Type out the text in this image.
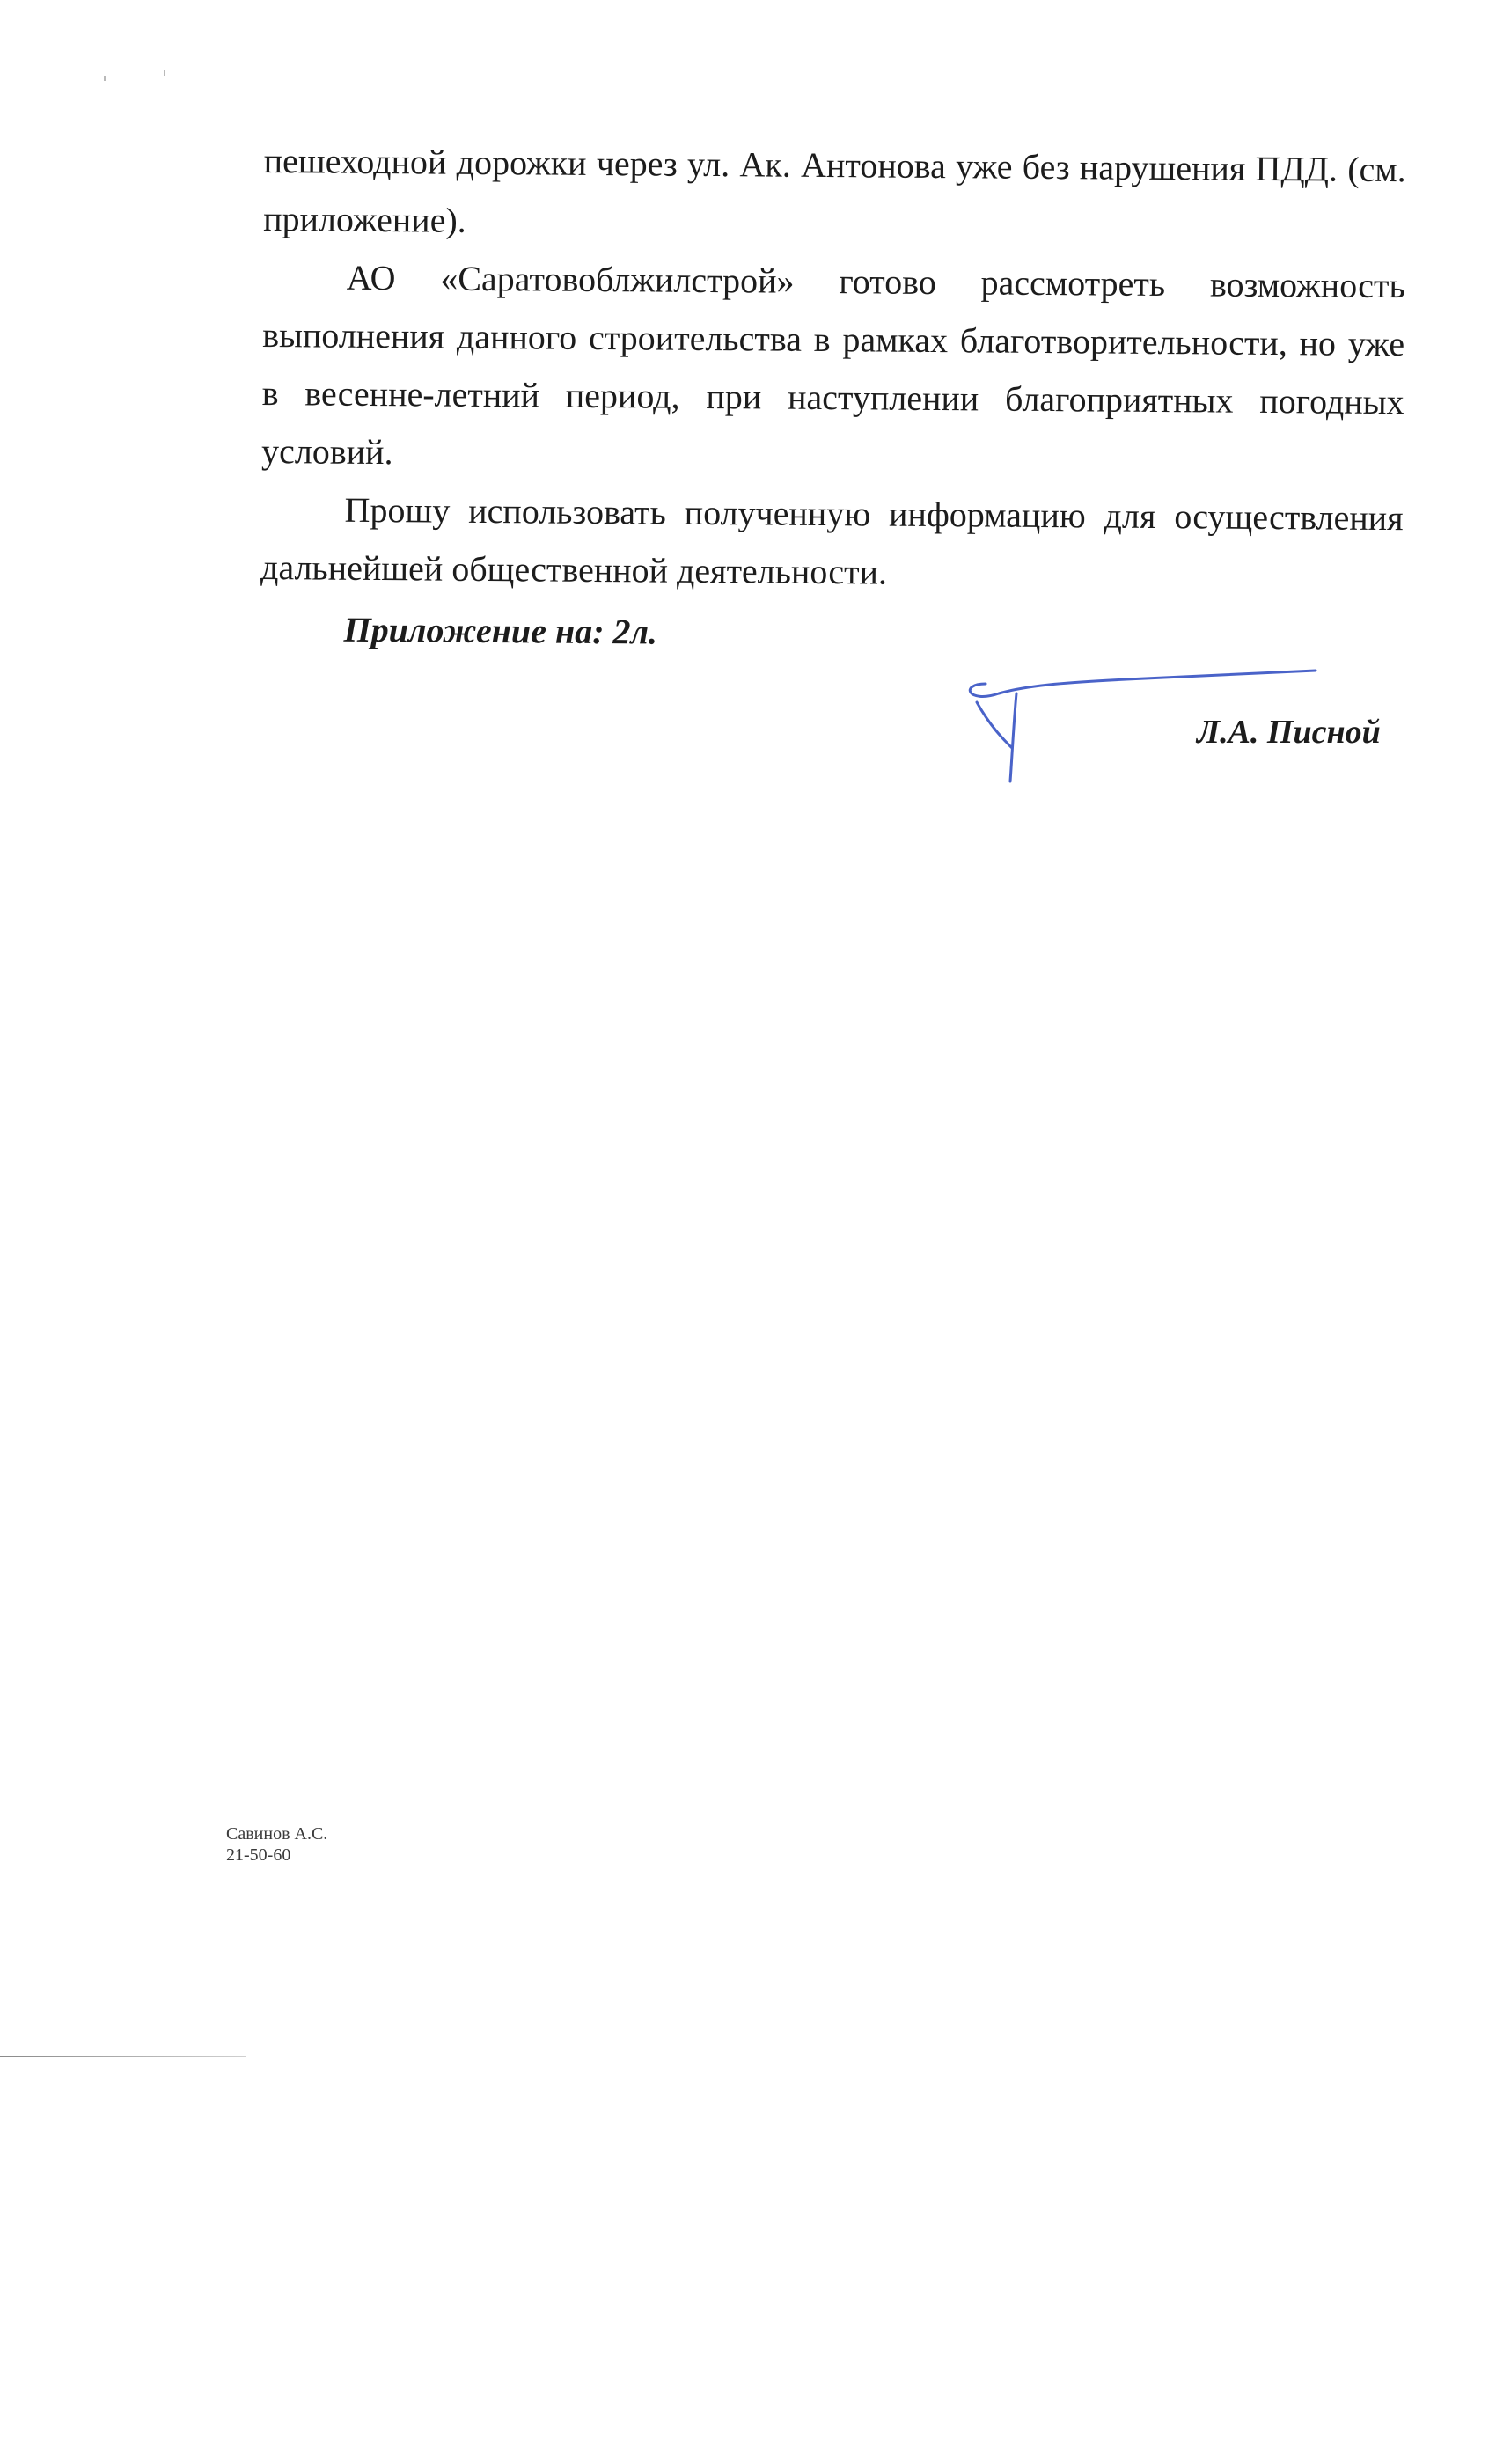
пешеходной дорожки через ул. Ак. Антонова уже без нарушения ПДД. (см. приложение).

АО «Саратовоблжилстрой» готово рассмотреть возможность выполнения данного строительства в рамках благотворительности, но уже в весенне-летний период, при наступлении благоприятных погодных условий.

Прошу использовать полученную информацию для осуществления дальнейшей общественной деятельности.

Приложение на: 2л.

Л.А. Писной
Савинов А.С.
21-50-60
